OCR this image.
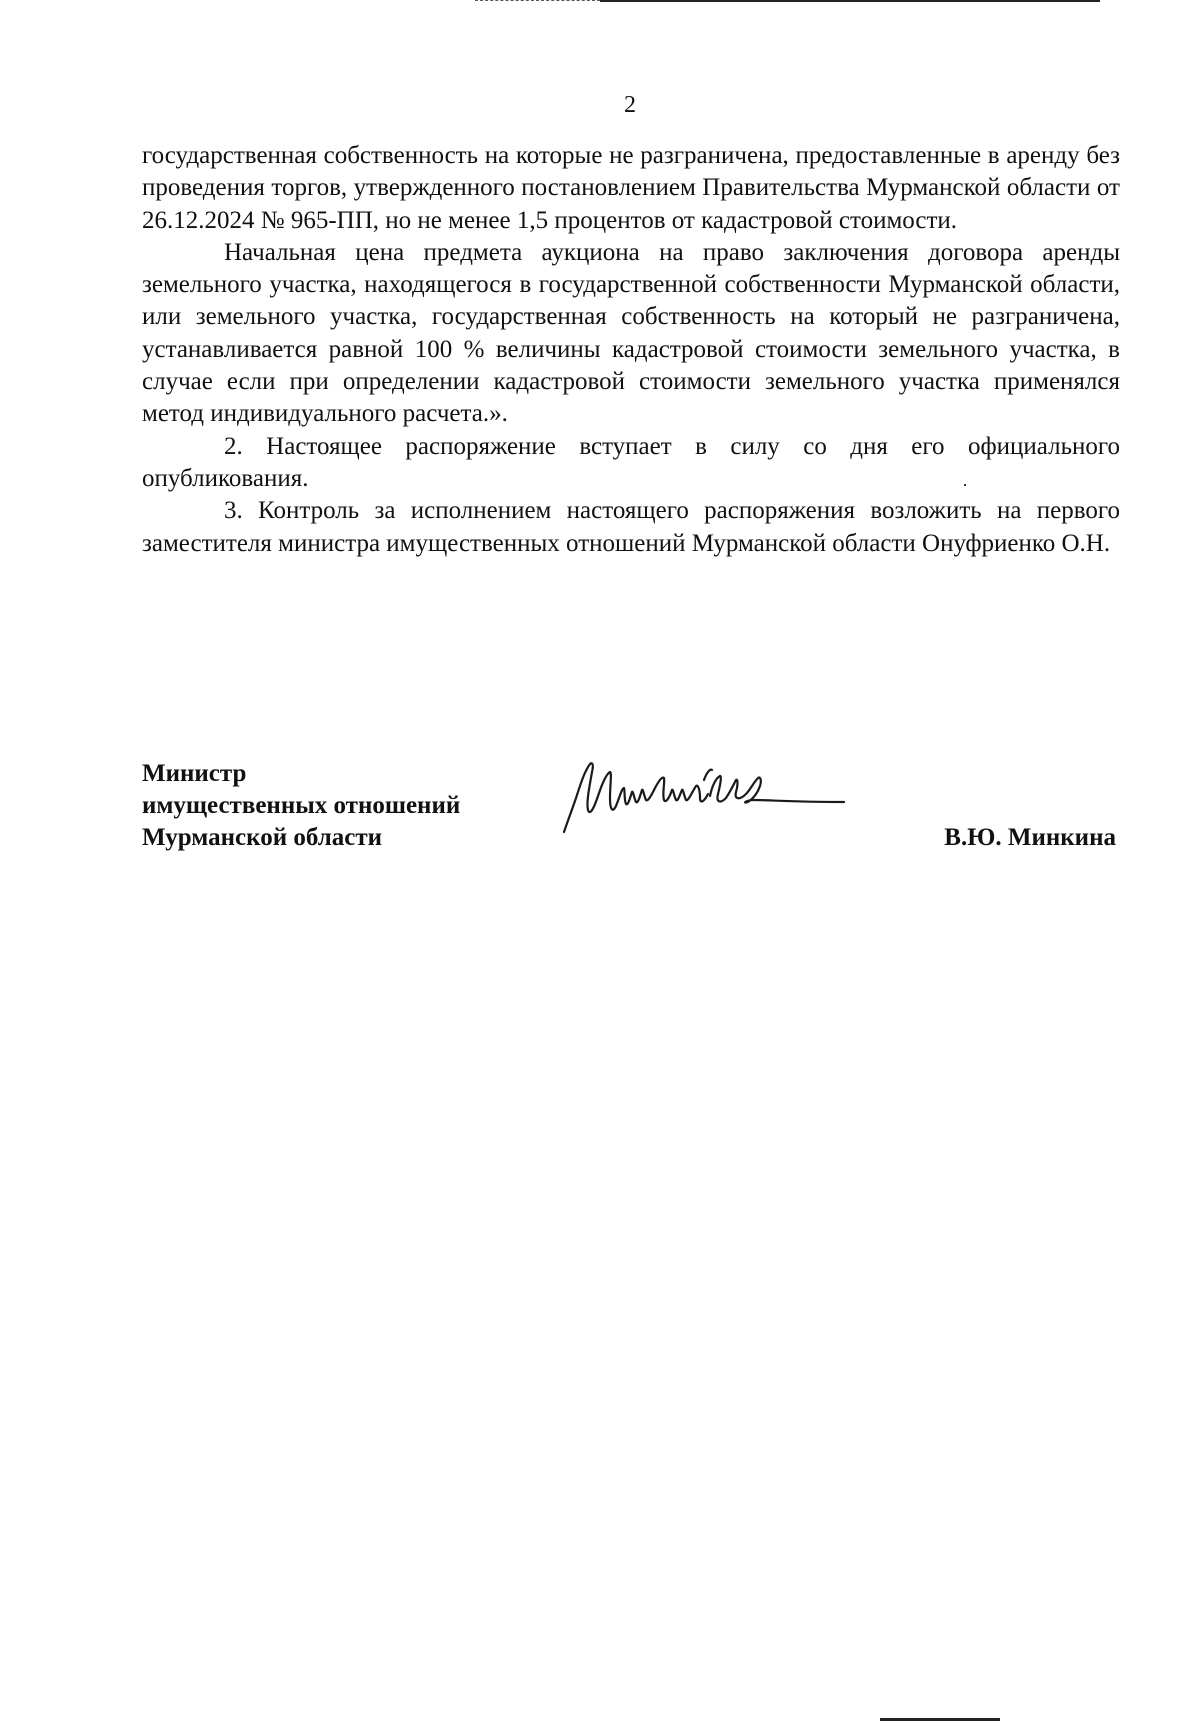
2

государственная собственность на которые не разграничена, предоставленные в аренду без проведения торгов, утвержденного постановлением Правительства Мурманской области от 26.12.2024 № 965-ПП, но не менее 1,5 процентов от кадастровой стоимости.

Начальная цена предмета аукциона на право заключения договора аренды земельного участка, находящегося в государственной собственности Мурманской области, или земельного участка, государственная собственность на который не разграничена, устанавливается равной 100 % величины кадастровой стоимости земельного участка, в случае если при определении кадастровой стоимости земельного участка применялся метод индивидуального расчета.».

2. Настоящее распоряжение вступает в силу со дня его официального опубликования.

3. Контроль за исполнением настоящего распоряжения возложить на первого заместителя министра имущественных отношений Мурманской области Онуфриенко О.Н.

Министр
имущественных отношений
Мурманской области	В.Ю. Минкина
